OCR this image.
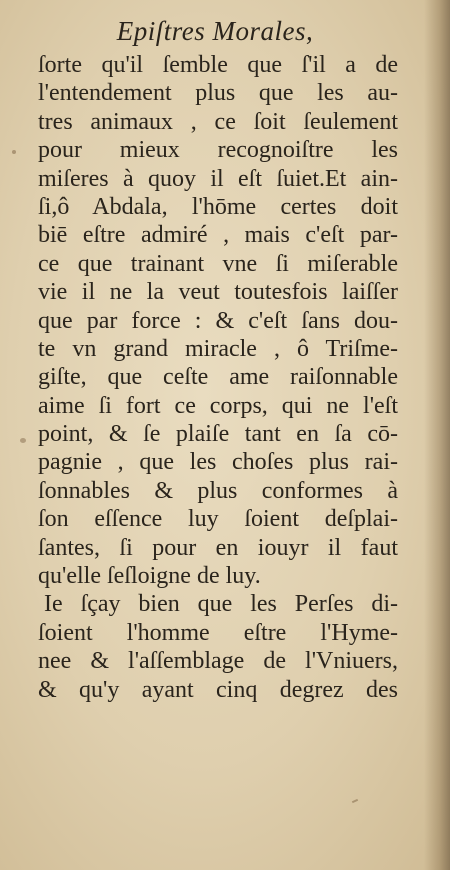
Epiſtres Morales,
ſorte qu'il ſemble que ſ'il a de
l'entendement plus que les au-
tres animaux , ce ſoit ſeulement
pour mieux recognoiſtre les
miſeres à quoy il eſt ſuiet.Et ain-
ſi,ô Abdala, l'hōme certes doit
biē eſtre admiré , mais c'eſt par-
ce que trainant vne ſi miſerable
vie il ne la veut toutesfois laiſſer
que par force : & c'eſt ſans dou-
te vn grand miracle , ô Triſme-
giſte, que ceſte ame raiſonnable
aime ſi fort ce corps, qui ne l'eſt
point, & ſe plaiſe tant en ſa cō-
pagnie , que les choſes plus rai-
ſonnables & plus conformes à
ſon eſſence luy ſoient deſplai-
ſantes, ſi pour en iouyr il faut
qu'elle ſeſloigne de luy.
Ie ſçay bien que les Perſes di-
ſoient l'homme eſtre l'Hyme-
nee & l'aſſemblage de l'Vniuers,
& qu'y ayant cinq degrez des
